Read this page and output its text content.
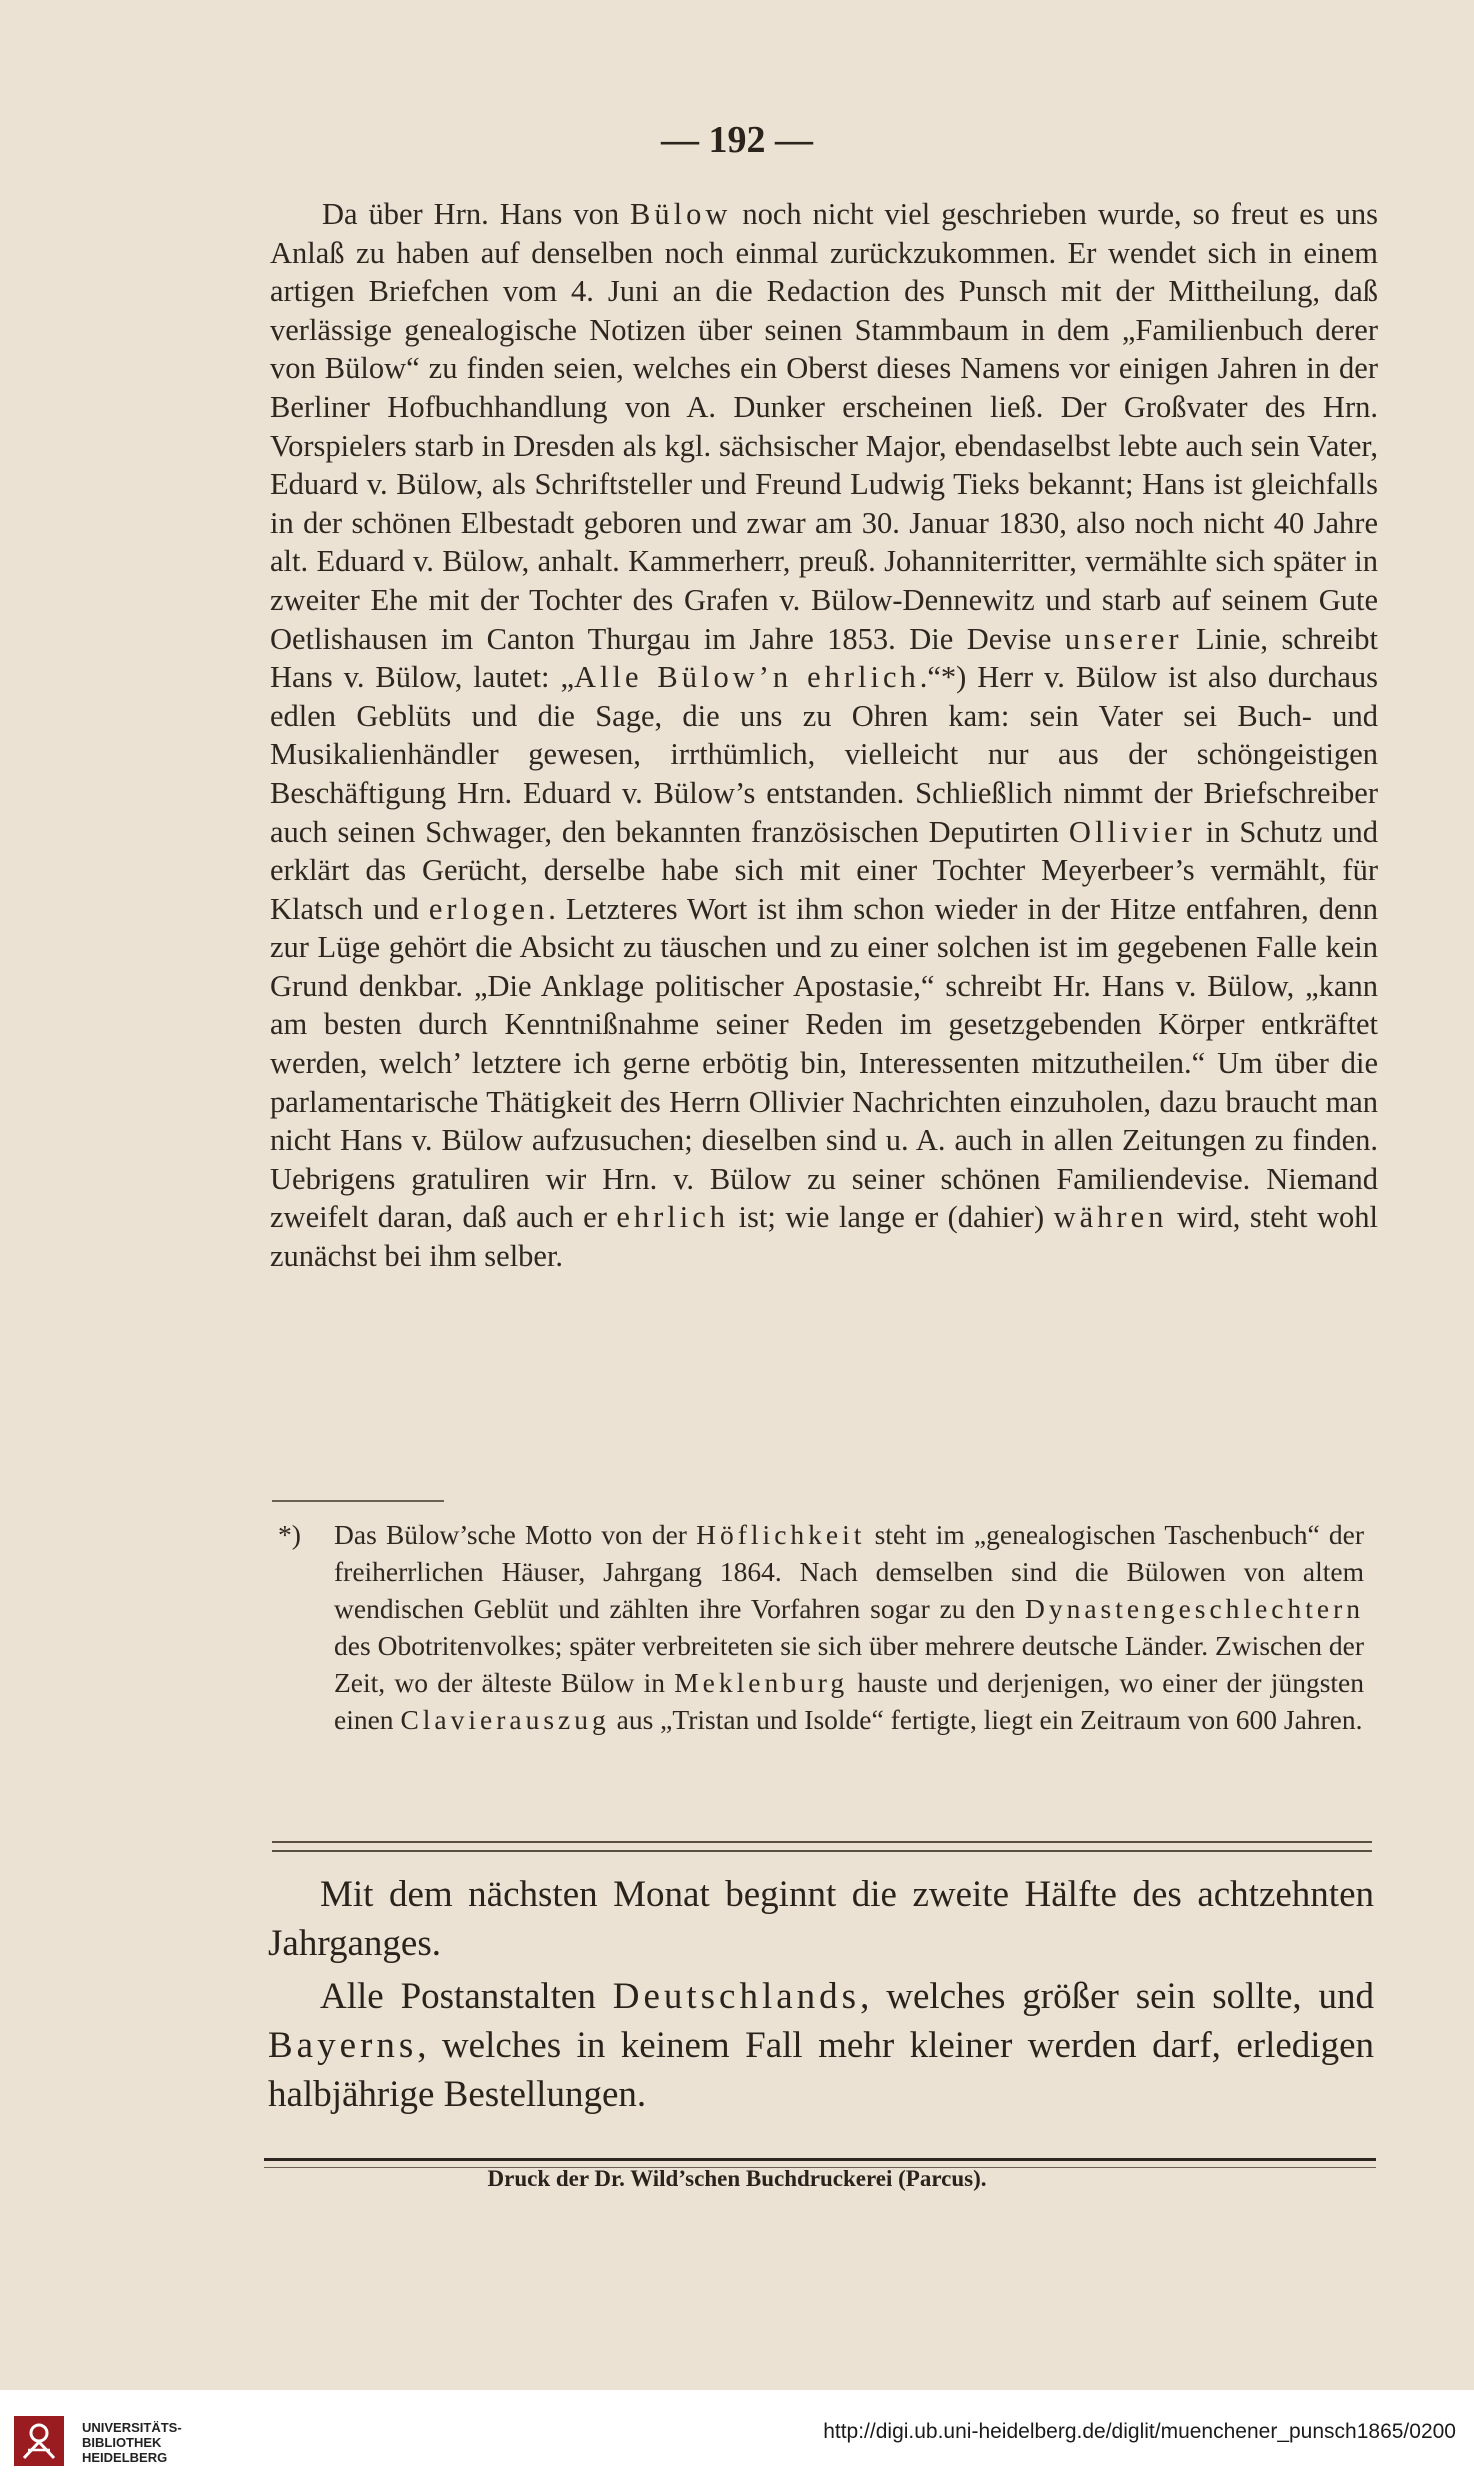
— 192 —

Da über Hrn. Hans von Bülow noch nicht viel geschrieben wurde, so freut es uns Anlaß zu haben auf denselben noch einmal zurückzukommen. Er wendet sich in einem artigen Briefchen vom 4. Juni an die Redaction des Punsch mit der Mittheilung, daß verlässige genealogische Notizen über seinen Stammbaum in dem „Familienbuch derer von Bülow“ zu finden seien, welches ein Oberst dieses Namens vor einigen Jahren in der Berliner Hofbuchhandlung von A. Dunker erscheinen ließ. Der Großvater des Hrn. Vorspielers starb in Dresden als kgl. sächsischer Major, ebendaselbst lebte auch sein Vater, Eduard v. Bülow, als Schriftsteller und Freund Ludwig Tieks bekannt; Hans ist gleichfalls in der schönen Elbestadt geboren und zwar am 30. Januar 1830, also noch nicht 40 Jahre alt. Eduard v. Bülow, anhalt. Kammerherr, preuß. Johanniterritter, vermählte sich später in zweiter Ehe mit der Tochter des Grafen v. Bülow-Dennewitz und starb auf seinem Gute Oetlishausen im Canton Thurgau im Jahre 1853. Die Devise unserer Linie, schreibt Hans v. Bülow, lautet: „Alle Bülow’n ehrlich.“*) Herr v. Bülow ist also durchaus edlen Geblüts und die Sage, die uns zu Ohren kam: sein Vater sei Buch- und Musikalienhändler gewesen, irrthümlich, vielleicht nur aus der schöngeistigen Beschäftigung Hrn. Eduard v. Bülow’s entstanden. Schließlich nimmt der Briefschreiber auch seinen Schwager, den bekannten französischen Deputirten Ollivier in Schutz und erklärt das Gerücht, derselbe habe sich mit einer Tochter Meyerbeer’s vermählt, für Klatsch und erlogen. Letzteres Wort ist ihm schon wieder in der Hitze entfahren, denn zur Lüge gehört die Absicht zu täuschen und zu einer solchen ist im gegebenen Falle kein Grund denkbar. „Die Anklage politischer Apostasie,“ schreibt Hr. Hans v. Bülow, „kann am besten durch Kenntnißnahme seiner Reden im gesetzgebenden Körper entkräftet werden, welch’ letztere ich gerne erbötig bin, Interessenten mitzutheilen.“ Um über die parlamentarische Thätigkeit des Herrn Ollivier Nachrichten einzuholen, dazu braucht man nicht Hans v. Bülow aufzusuchen; dieselben sind u. A. auch in allen Zeitungen zu finden. Uebrigens gratuliren wir Hrn. v. Bülow zu seiner schönen Familiendevise. Niemand zweifelt daran, daß auch er ehrlich ist; wie lange er (dahier) währen wird, steht wohl zunächst bei ihm selber.

*)	Das Bülow’sche Motto von der Höflichkeit steht im „genealogischen Taschenbuch“ der freiherrlichen Häuser, Jahrgang 1864. Nach demselben sind die Bülowen von altem wendischen Geblüt und zählten ihre Vorfahren sogar zu den Dynastengeschlechtern des Obotritenvolkes; später verbreiteten sie sich über mehrere deutsche Länder. Zwischen der Zeit, wo der älteste Bülow in Meklenburg hauste und derjenigen, wo einer der jüngsten einen Clavierauszug aus „Tristan und Isolde“ fertigte, liegt ein Zeitraum von 600 Jahren.

Mit dem nächsten Monat beginnt die zweite Hälfte des achtzehnten Jahrganges.

Alle Postanstalten Deutschlands, welches größer sein sollte, und Bayerns, welches in keinem Fall mehr kleiner werden darf, erledigen halbjährige Bestellungen.

Druck der Dr. Wild’schen Buchdruckerei (Parcus).
UNIVERSITÄTS-
BIBLIOTHEK
HEIDELBERG
http://digi.ub.uni-heidelberg.de/diglit/muenchener_punsch1865/0200
